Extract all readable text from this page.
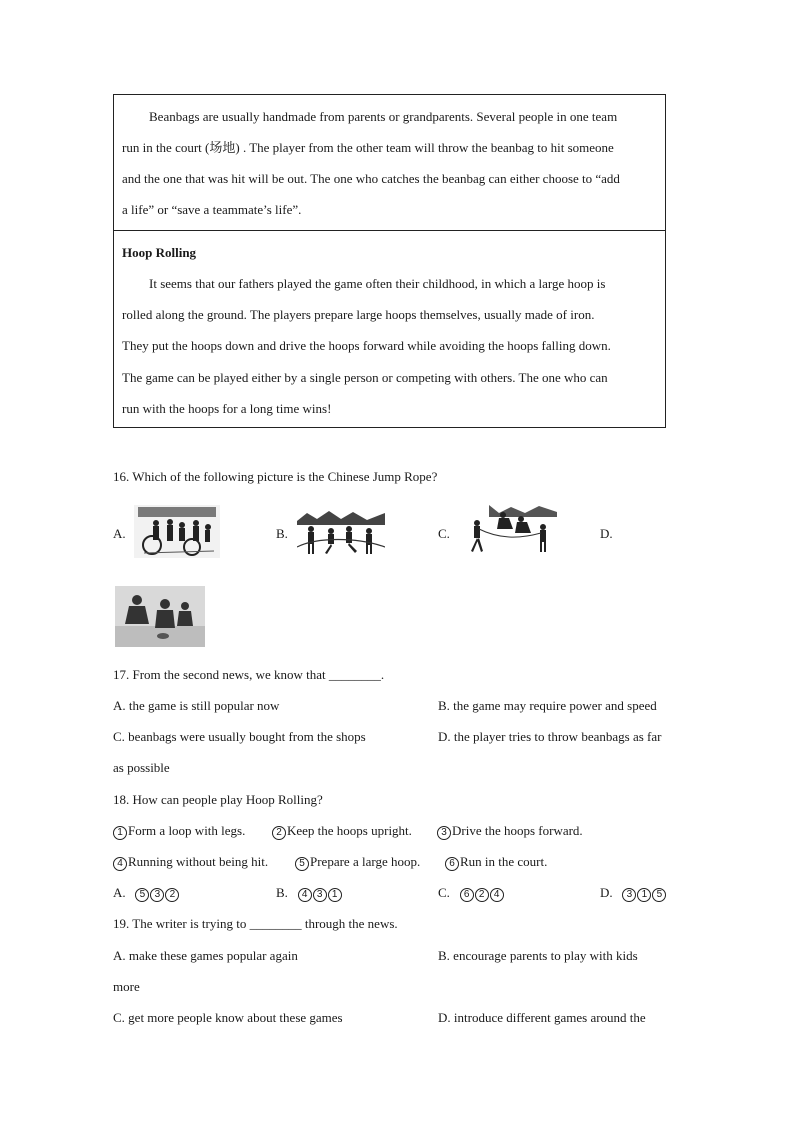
Beanbags are usually handmade from parents or grandparents. Several people in one team
run in the court (场地) . The player from the other team will throw the beanbag to hit someone
and the one that was hit will be out. The one who catches the beanbag can either choose to “add
a life” or “save a teammate’s life”.
Hoop Rolling
It seems that our fathers played the game often their childhood, in which a large hoop is
rolled along the ground. The players prepare large hoops themselves, usually made of iron.
They put the hoops down and drive the hoops forward while avoiding the hoops falling down.
The game can be played either by a single person or competing with others. The one who can
run with the hoops for a long time wins!
16. Which of the following picture is the Chinese Jump Rope?
A.	B.	C.	D.
17. From the second news, we know that ________.
A. the game is still popular now	B. the game may require power and speed
C. beanbags were usually bought from the shops	D. the player tries to throw beanbags as far
as possible
18. How can people play Hoop Rolling?
1 Form a loop with legs.	2 Keep the hoops upright.	3 Drive the hoops forward.
4 Running without being hit.	5 Prepare a large hoop.	6 Run in the court.
A. 5 3 2	B. 4 3 1	C. 6 2 4	D. 3 1 5
19. The writer is trying to ________ through the news.
A. make these games popular again	B. encourage parents to play with kids
more
C. get more people know about these games	D. introduce different games around the
